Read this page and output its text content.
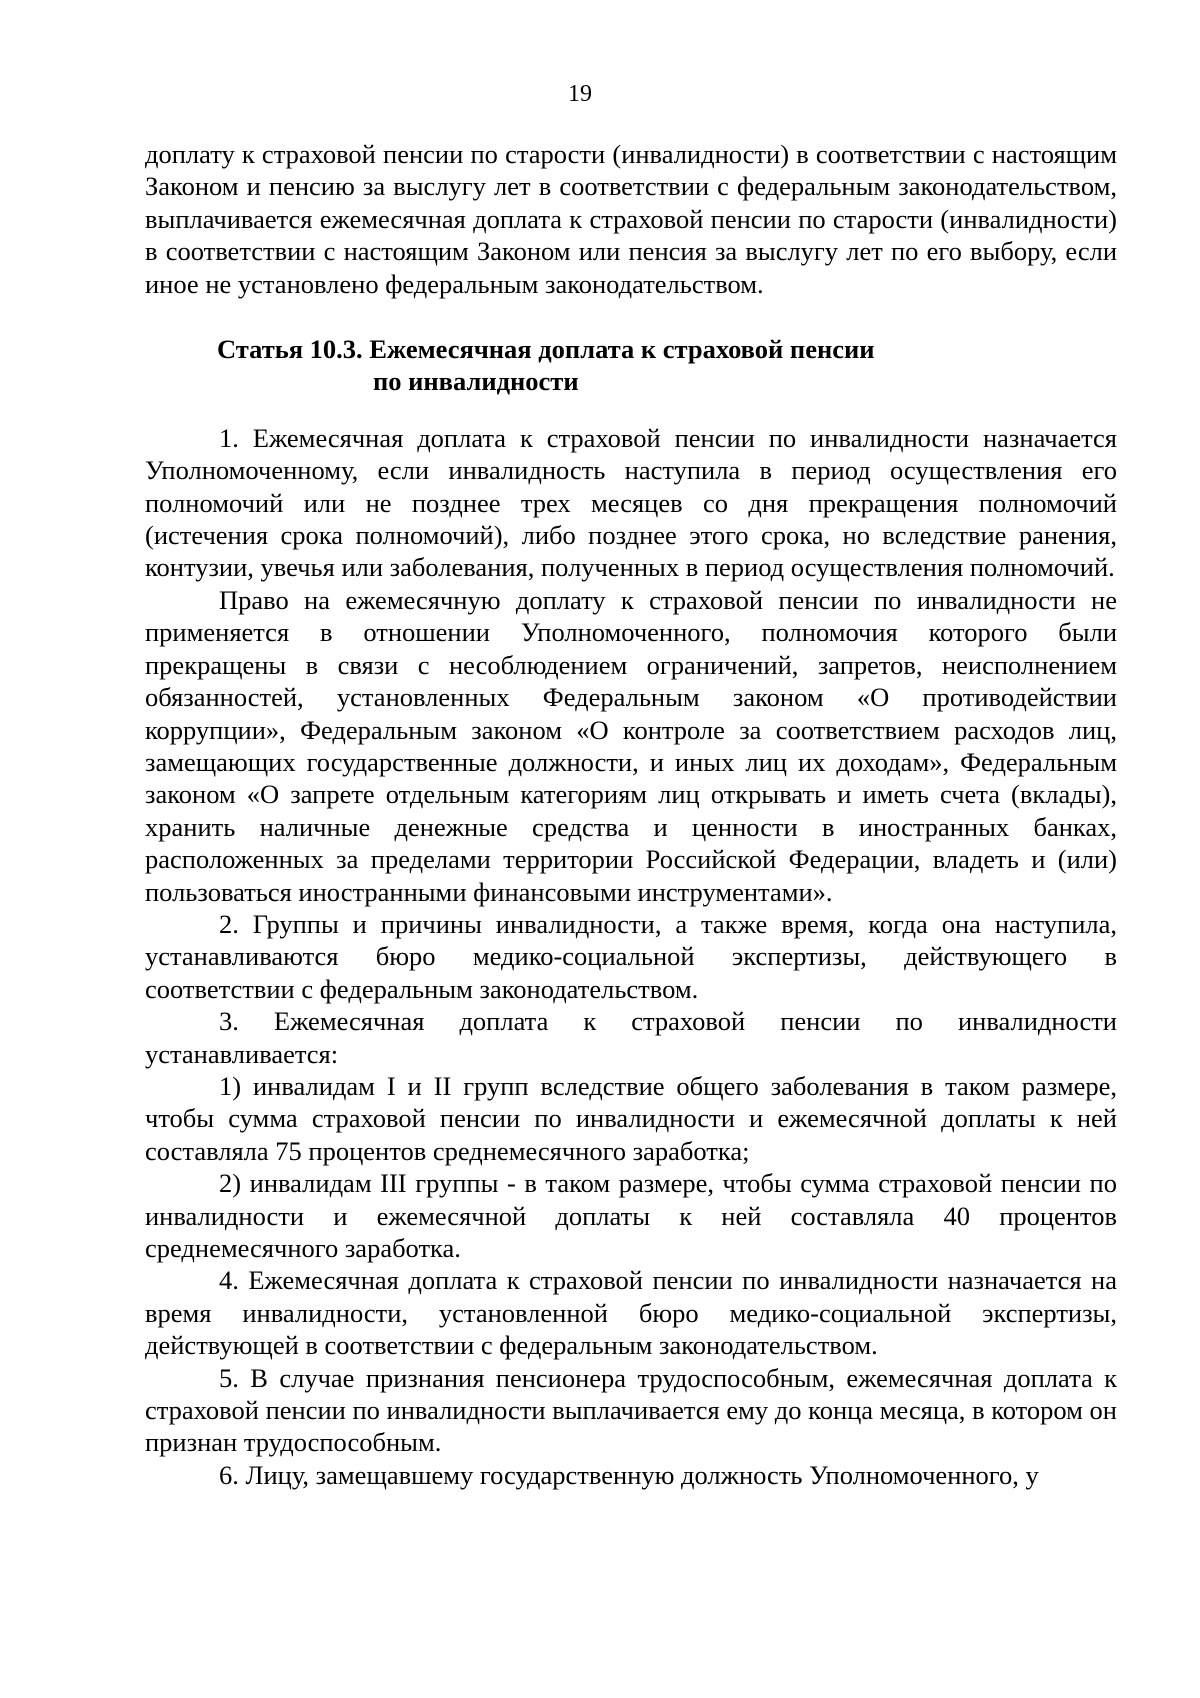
19

доплату к страховой пенсии по старости (инвалидности) в соответствии с настоящим Законом и пенсию за выслугу лет в соответствии с федеральным законодательством, выплачивается ежемесячная доплата к страховой пенсии по старости (инвалидности) в соответствии с настоящим Законом или пенсия за выслугу лет по его выбору, если иное не установлено федеральным законодательством.

Статья 10.3. Ежемесячная доплата к страховой пенсии
по инвалидности

1. Ежемесячная доплата к страховой пенсии по инвалидности назначается Уполномоченному, если инвалидность наступила в период осуществления его полномочий или не позднее трех месяцев со дня прекращения полномочий (истечения срока полномочий), либо позднее этого срока, но вследствие ранения, контузии, увечья или заболевания, полученных в период осуществления полномочий.

Право на ежемесячную доплату к страховой пенсии по инвалидности не применяется в отношении Уполномоченного, полномочия которого были прекращены в связи с несоблюдением ограничений, запретов, неисполнением обязанностей, установленных Федеральным законом «О противодействии коррупции», Федеральным законом «О контроле за соответствием расходов лиц, замещающих государственные должности, и иных лиц их доходам», Федеральным законом «О запрете отдельным категориям лиц открывать и иметь счета (вклады), хранить наличные денежные средства и ценности в иностранных банках, расположенных за пределами территории Российской Федерации, владеть и (или) пользоваться иностранными финансовыми инструментами».

2. Группы и причины инвалидности, а также время, когда она наступила, устанавливаются бюро медико-социальной экспертизы, действующего в соответствии с федеральным законодательством.

3. Ежемесячная доплата к страховой пенсии по инвалидности устанавливается:

1) инвалидам I и II групп вследствие общего заболевания в таком размере, чтобы сумма страховой пенсии по инвалидности и ежемесячной доплаты к ней составляла 75 процентов среднемесячного заработка;

2) инвалидам III группы - в таком размере, чтобы сумма страховой пенсии по инвалидности и ежемесячной доплаты к ней составляла 40 процентов среднемесячного заработка.

4. Ежемесячная доплата к страховой пенсии по инвалидности назначается на время инвалидности, установленной бюро медико-социальной экспертизы, действующей в соответствии с федеральным законодательством.

5. В случае признания пенсионера трудоспособным, ежемесячная доплата к страховой пенсии по инвалидности выплачивается ему до конца месяца, в котором он признан трудоспособным.

6. Лицу, замещавшему государственную должность Уполномоченного, у
